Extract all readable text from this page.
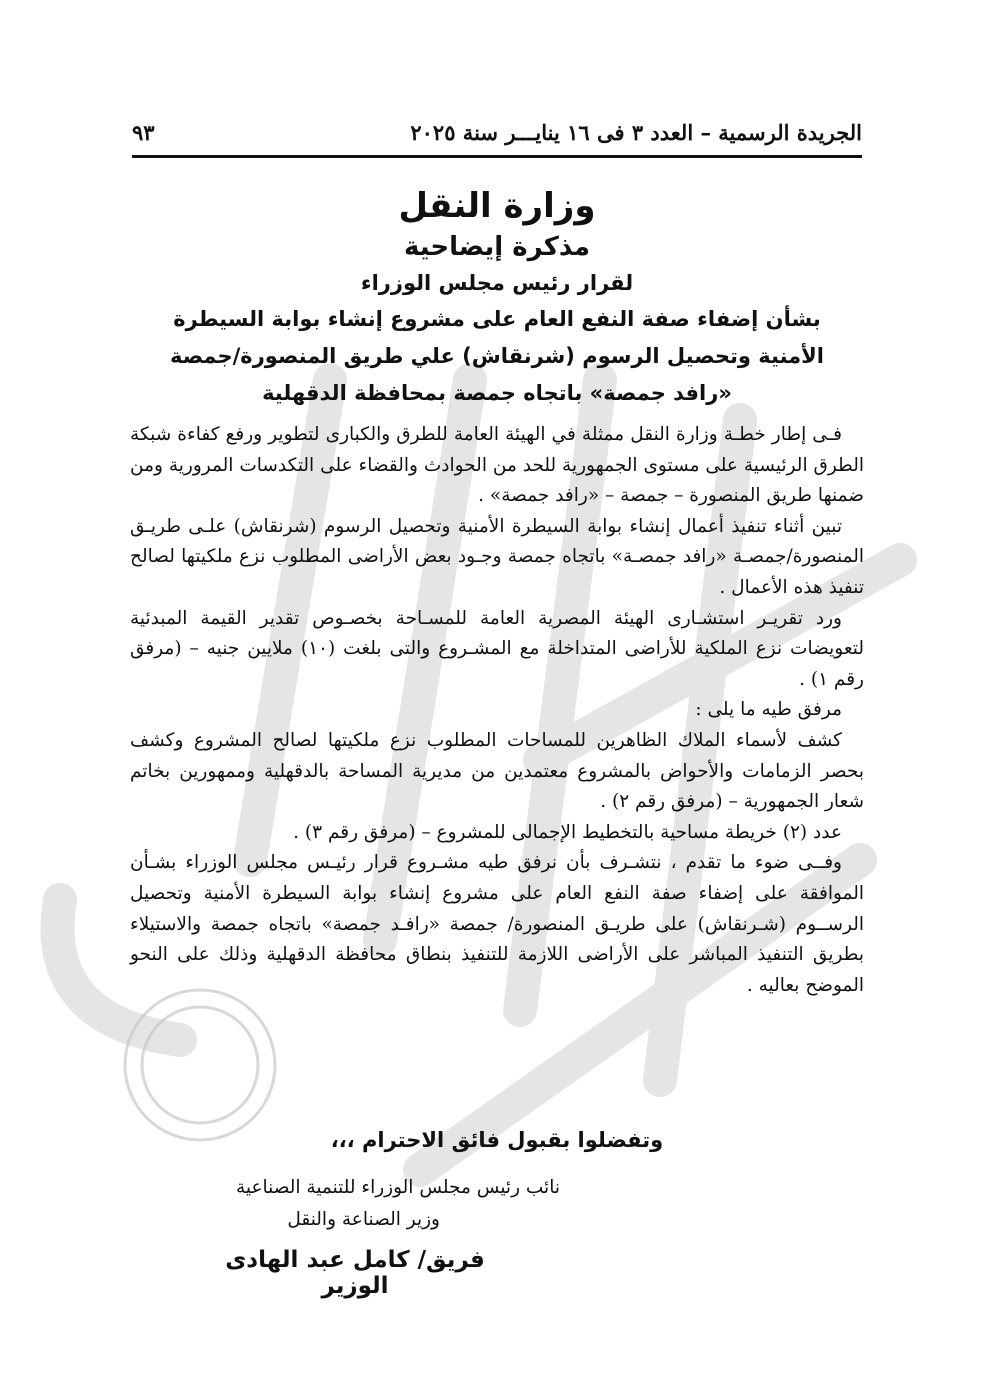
الجريدة الرسمية – العدد ٣ فى ١٦ ينايـــر سنة ٢٠٢٥
٩٣
وزارة النقل
مذكرة إيضاحية
لقرار رئيس مجلس الوزراء
بشأن إضفاء صفة النفع العام على مشروع إنشاء بوابة السيطرة
الأمنية وتحصيل الرسوم (شرنقاش) علي طريق المنصورة/جمصة
«رافد جمصة» باتجاه جمصة بمحافظة الدقهلية

فـى إطار خطـة وزارة النقل ممثلة في الهيئة العامة للطرق والكبارى لتطوير ورفع كفاءة شبكة الطرق الرئيسية على مستوى الجمهورية للحد من الحوادث والقضاء على التكدسات المرورية ومن ضمنها طريق المنصورة – جمصة – «رافد جمصة» .

تبين أثناء تنفيذ أعمال إنشاء بوابة السيطرة الأمنية وتحصيل الرسوم (شرنقاش) علـى طريـق المنصورة/جمصـة «رافد جمصـة» باتجاه جمصة وجـود بعض الأراضى المطلوب نزع ملكيتها لصالح تنفيذ هذه الأعمال .

ورد تقريـر استشـارى الهيئة المصرية العامة للمسـاحة بخصـوص تقدير القيمة المبدئية لتعويضات نزع الملكية للأراضى المتداخلة مع المشـروع والتى بلغت (١٠) ملايين جنيه – (مرفق رقم ١) .

مرفق طيه ما يلى :

كشف لأسماء الملاك الظاهرين للمساحات المطلوب نزع ملكيتها لصالح المشروع وكشف بحصر الزمامات والأحواض بالمشروع معتمدين من مديرية المساحة بالدقهلية وممهورين بخاتم شعار الجمهورية – (مرفق رقم ٢) .

عدد (٢) خريطة مساحية بالتخطيط الإجمالى للمشروع – (مرفق رقم ٣) .

وفــى ضوء ما تقدم ، نتشـرف بأن نرفق طيه مشـروع قرار رئيـس مجلس الوزراء بشـأن الموافقة على إضفاء صفة النفع العام على مشروع إنشاء بوابة السيطرة الأمنية وتحصيل الرســوم (شـرنقاش) على طريـق المنصورة/ جمصة «رافـد جمصة» باتجاه جمصة والاستيلاء بطريق التنفيذ المباشر على الأراضى اللازمة للتنفيذ بنطاق محافظة الدقهلية وذلك على النحو الموضح بعاليه .

وتفضلوا بقبول فائق الاحترام ،،،
نائب رئيس مجلس الوزراء للتنمية الصناعية
وزير الصناعة والنقل
فريق/ كامل عبد الهادى الوزير
